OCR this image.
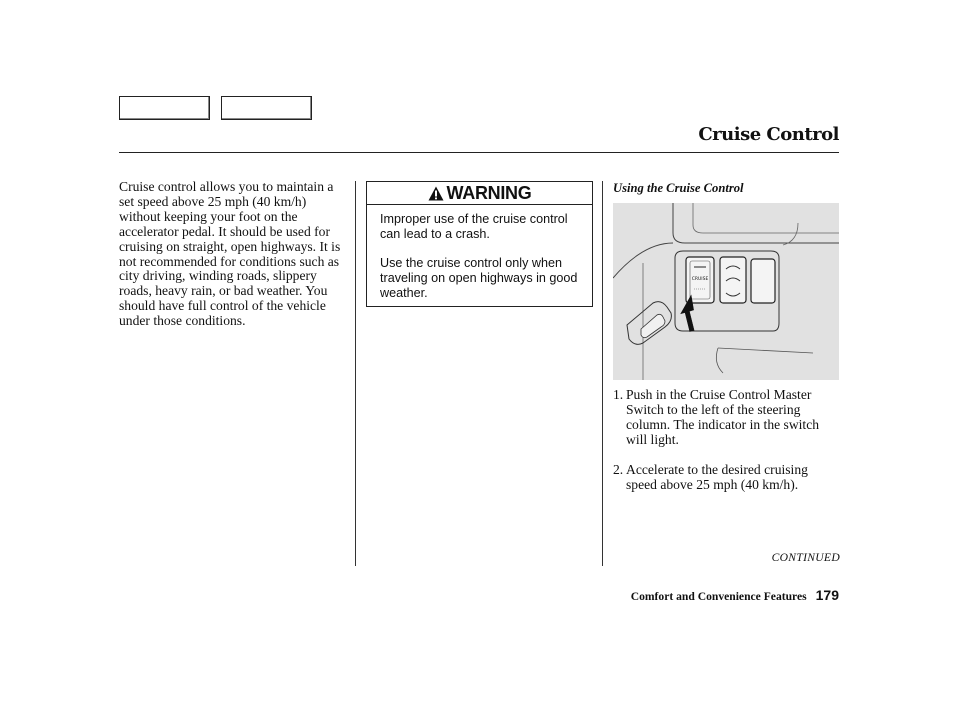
Cruise Control
Cruise control allows you to maintain a set speed above 25 mph (40 km/h) without keeping your foot on the accelerator pedal. It should be used for cruising on straight, open highways. It is not recommended for conditions such as city driving, winding roads, slippery roads, heavy rain, or bad weather. You should have full control of the vehicle under those conditions.
WARNING

Improper use of the cruise control can lead to a crash.

Use the cruise control only when traveling on open highways in good weather.

Using the Cruise Control
CRUISE
1. Push in the Cruise Control Master Switch to the left of the steering column. The indicator in the switch will light.
2. Accelerate to the desired cruising speed above 25 mph (40 km/h).
CONTINUED
Comfort and Convenience Features 179
